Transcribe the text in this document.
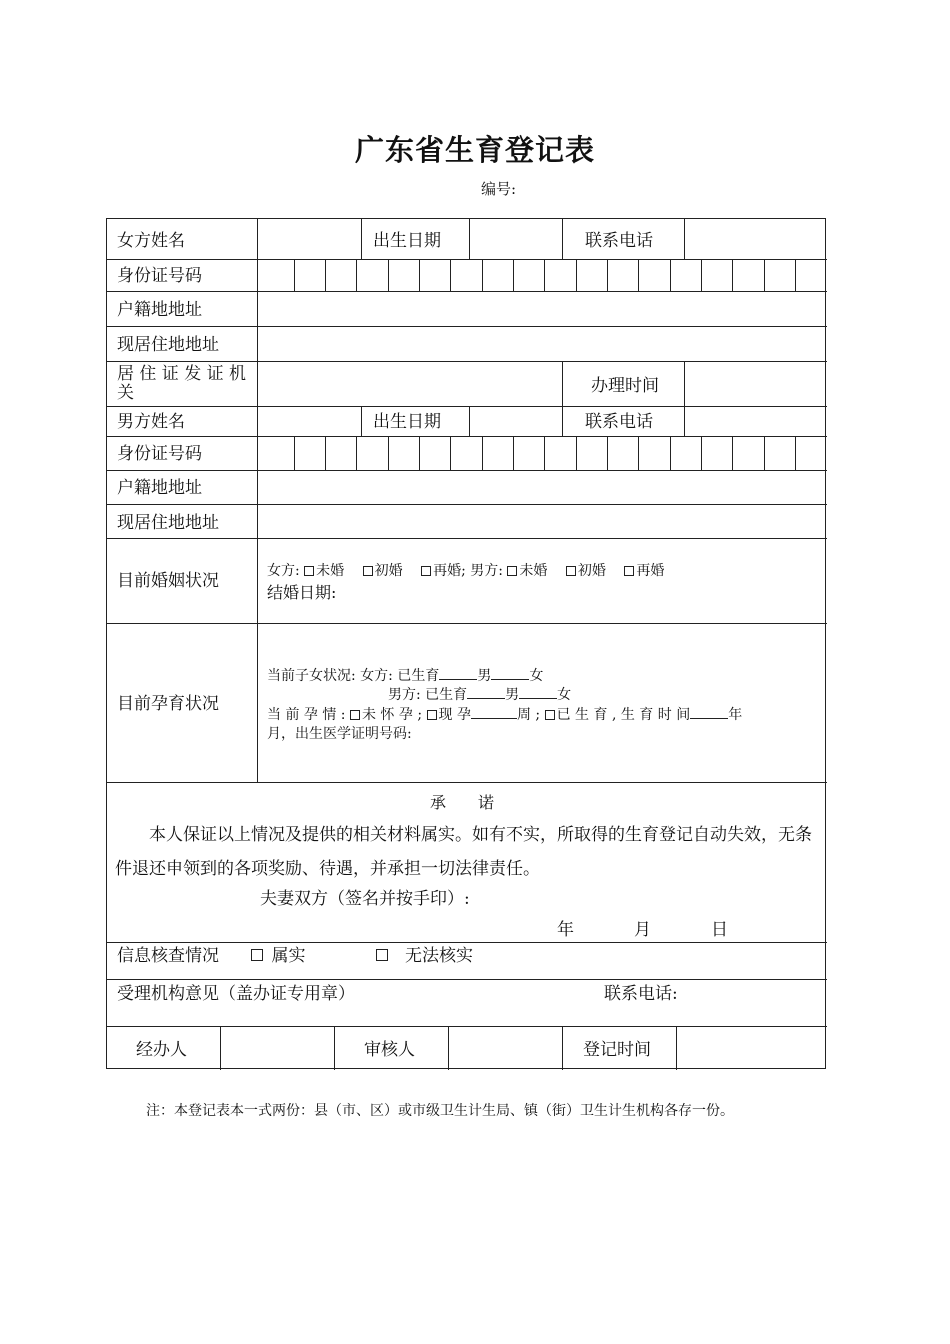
广东省生育登记表
编号:
女方姓名	出生日期	联系电话
身份证号码
户籍地地址
现居住地地址
居 住 证 发 证 机 关	办理时间
男方姓名	出生日期	联系电话
身份证号码
户籍地地址
现居住地地址
目前婚姻状况	女方: 未婚  初婚  再婚; 男方: 未婚  初婚  再婚
结婚日期:
目前孕育状况
当前子女状况: 女方: 已生育	男	女
男方: 已生育	男	女
当 前 孕 情 : 未 怀 孕 ; 现 孕	周 ; 已 生 育 , 生 育 时 间	年
月，出生医学证明号码:
承　　诺
本人保证以上情况及提供的相关材料属实。如有不实，所取得的生育登记自动失效，无条件退还申领到的各项奖励、待遇，并承担一切法律责任。
夫妻双方（签名并按手印）:
年	月	日
信息核查情况
 	属实
 	无法核实
受理机构意见（盖办证专用章）	联系电话:
经办人	审核人	登记时间
注：本登记表本一式两份：县（市、区）或市级卫生计生局、镇（街）卫生计生机构各存一份。
